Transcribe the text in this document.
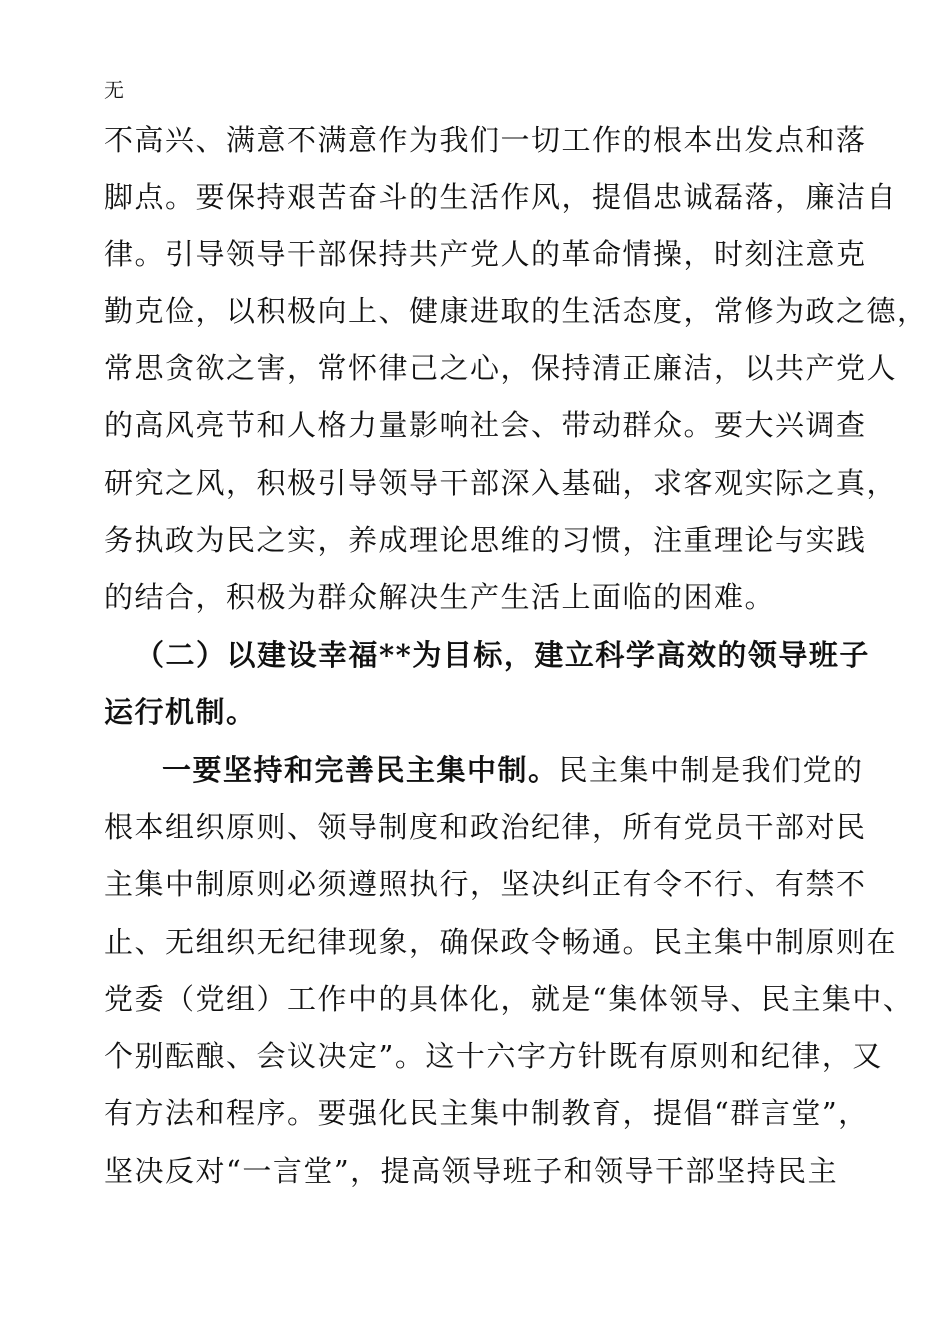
无
不高兴、满意不满意作为我们一切工作的根本出发点和落
脚点。要保持艰苦奋斗的生活作风，提倡忠诚磊落，廉洁自
律。引导领导干部保持共产党人的革命情操，时刻注意克
勤克俭，以积极向上、健康进取的生活态度，常修为政之德，
常思贪欲之害，常怀律己之心，保持清正廉洁，以共产党人
的高风亮节和人格力量影响社会、带动群众。要大兴调查
研究之风，积极引导领导干部深入基础，求客观实际之真，
务执政为民之实，养成理论思维的习惯，注重理论与实践
的结合，积极为群众解决生产生活上面临的困难。
（二）以建设幸福**为目标，建立科学高效的领导班子
运行机制。
一要坚持和完善民主集中制。民主集中制是我们党的
根本组织原则、领导制度和政治纪律，所有党员干部对民
主集中制原则必须遵照执行，坚决纠正有令不行、有禁不
止、无组织无纪律现象，确保政令畅通。民主集中制原则在
党委（党组）工作中的具体化，就是“集体领导、民主集中、
个别酝酿、会议决定”。这十六字方针既有原则和纪律，又
有方法和程序。要强化民主集中制教育，提倡“群言堂”，
坚决反对“一言堂”，提高领导班子和领导干部坚持民主
